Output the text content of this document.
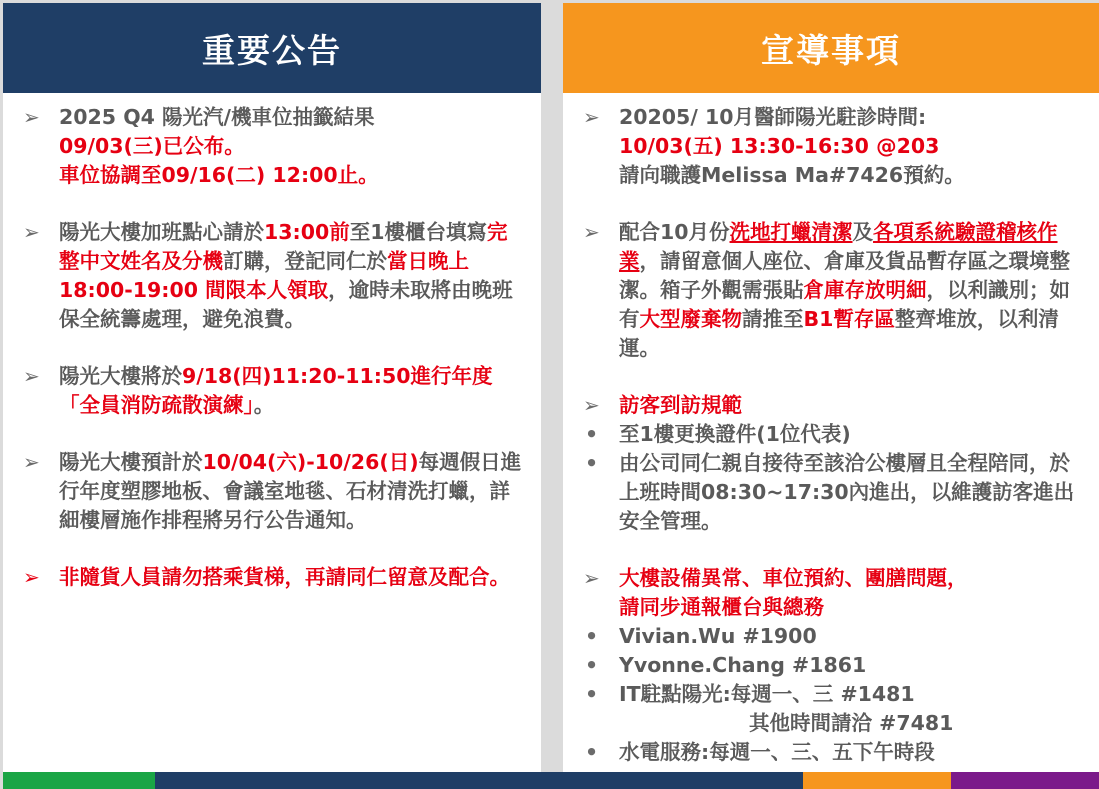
重要公告
➢ 2025 Q4 陽光汽/機車位抽籤結果
09/03(三)已公布。
車位協調至09/16(二) 12:00止。
➢ 陽光大樓加班點心請於13:00前至1樓櫃台填寫完整中文姓名及分機訂購，登記同仁於當日晚上 18:00-19:00 間限本人領取，逾時未取將由晚班保全統籌處理，避免浪費。
➢ 陽光大樓將於9/18(四)11:20-11:50進行年度「全員消防疏散演練」。
➢ 陽光大樓預計於10/04(六)-10/26(日)每週假日進行年度塑膠地板、會議室地毯、石材清洗打蠟，詳細樓層施作排程將另行公告通知。
➢ 非隨貨人員請勿搭乘貨梯，再請同仁留意及配合。
宣導事項
➢ 20205/ 10月醫師陽光駐診時間:
10/03(五) 13:30-16:30 @203
請向職護Melissa Ma#7426預約。
➢ 配合10月份洗地打蠟清潔及各項系統驗證稽核作業，請留意個人座位、倉庫及貨品暫存區之環境整潔。箱子外觀需張貼倉庫存放明細，以利識別；如有大型廢棄物請推至B1暫存區整齊堆放，以利清運。
➢ 訪客到訪規範
• 至1樓更換證件(1位代表)
• 由公司同仁親自接待至該洽公樓層且全程陪同，於上班時間08:30~17:30內進出，以維護訪客進出安全管理。
➢ 大樓設備異常、車位預約、團膳問題，
請同步通報櫃台與總務
• Vivian.Wu #1900
• Yvonne.Chang #1861
• IT駐點陽光:每週一、三 #1481
其他時間請洽 #7481
• 水電服務:每週一、三、五下午時段
